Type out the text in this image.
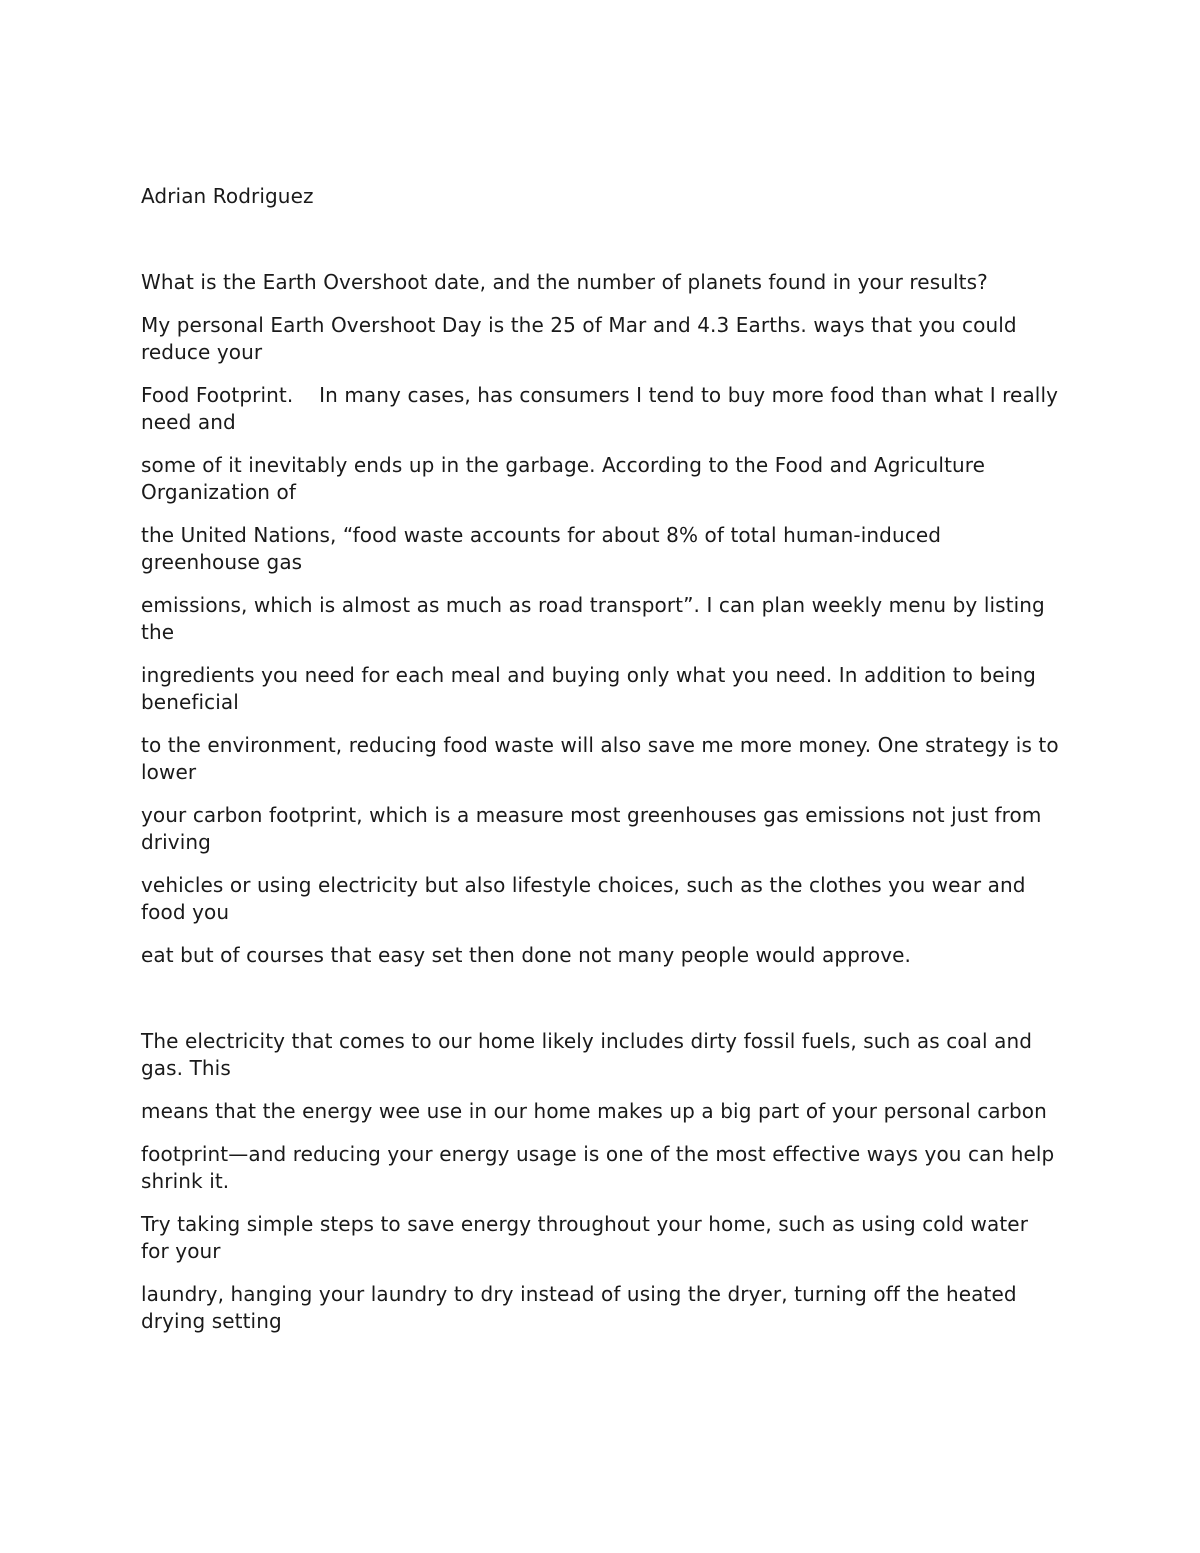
Adrian Rodriguez

What is the Earth Overshoot date, and the number of planets found in your results?

My personal Earth Overshoot Day is the 25 of Mar and 4.3 Earths. ways that you could reduce your

Food Footprint.    In many cases, has consumers I tend to buy more food than what I really need and

some of it inevitably ends up in the garbage. According to the Food and Agriculture Organization of

the United Nations, “food waste accounts for about 8% of total human-induced greenhouse gas

emissions, which is almost as much as road transport”. I can plan weekly menu by listing the

ingredients you need for each meal and buying only what you need. In addition to being beneficial

to the environment, reducing food waste will also save me more money. One strategy is to lower

your carbon footprint, which is a measure most greenhouses gas emissions not just from driving

vehicles or using electricity but also lifestyle choices, such as the clothes you wear and food you

eat but of courses that easy set then done not many people would approve.

The electricity that comes to our home likely includes dirty fossil fuels, such as coal and gas. This

means that the energy wee use in our home makes up a big part of your personal carbon

footprint—and reducing your energy usage is one of the most effective ways you can help shrink it.

Try taking simple steps to save energy throughout your home, such as using cold water for your

laundry, hanging your laundry to dry instead of using the dryer, turning off the heated drying setting
